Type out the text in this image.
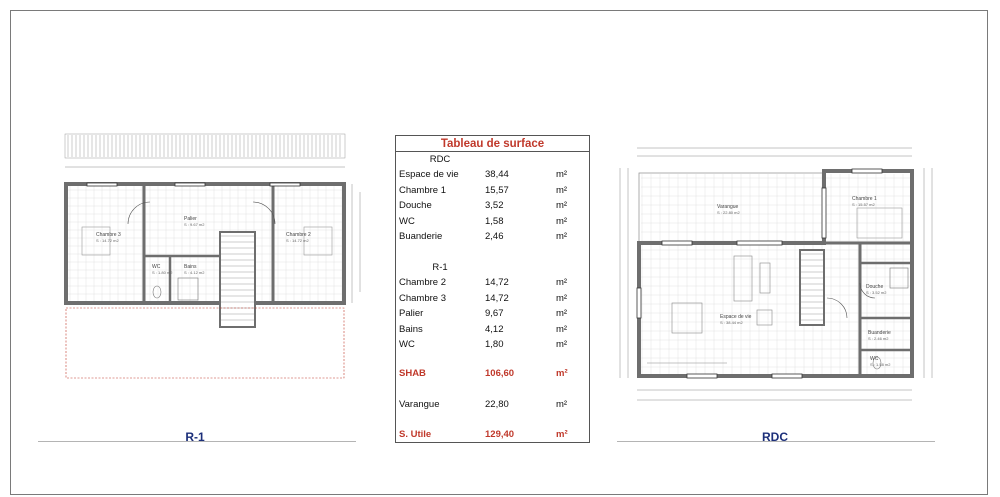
Chambre 3
S : 14.72 m2
Palier
S : 9.67 m2
Chambre 2
S : 14.72 m2
WC
S : 1.80 m2
Bains
S : 4.12 m2
R-1
Tableau de surface
RDC
Espace de vie	38,44	m²
Chambre 1	15,57	m²
Douche	3,52	m²
WC	1,58	m²
Buanderie	2,46	m²
R-1
Chambre 2	14,72	m²
Chambre 3	14,72	m²
Palier	9,67	m²
Bains	4,12	m²
WC	1,80	m²
SHAB	106,60	m²
Varangue	22,80	m²
S. Utile	129,40	m²
Varangue
S : 22.80 m2
Chambre 1
S : 15.57 m2
Espace de vie
S : 38.44 m2
Douche
S : 3.52 m2
Buanderie
S : 2.46 m2
WC
S : 1.58 m2
RDC
